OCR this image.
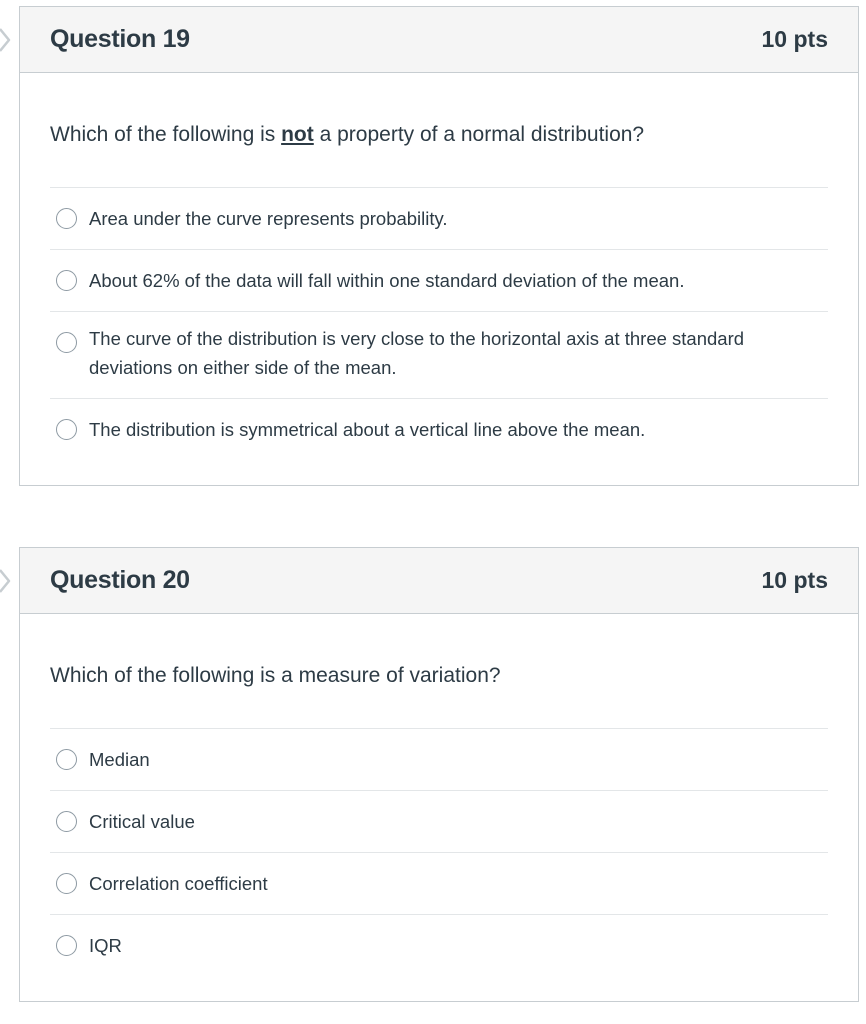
Question 19	10 pts
Which of the following is not a property of a normal distribution?
Area under the curve represents probability.
About 62% of the data will fall within one standard deviation of the mean.
The curve of the distribution is very close to the horizontal axis at three standard deviations on either side of the mean.
The distribution is symmetrical about a vertical line above the mean.
Question 20	10 pts
Which of the following is a measure of variation?
Median
Critical value
Correlation coefficient
IQR
